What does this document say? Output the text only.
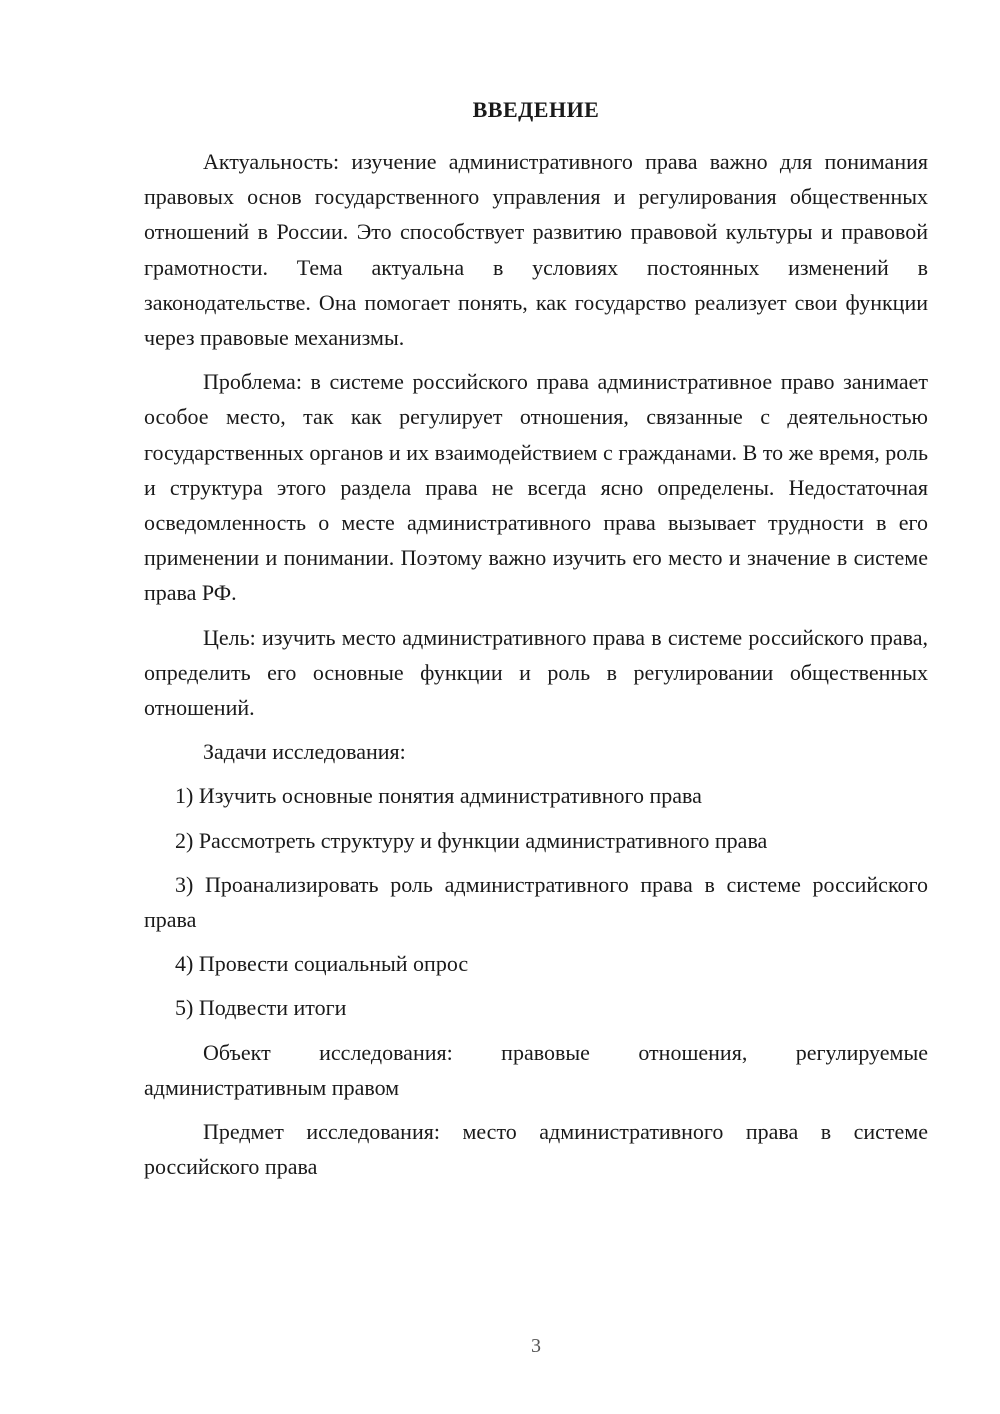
ВВЕДЕНИЕ

Актуальность: изучение административного права важно для понимания правовых основ государственного управления и регулирования общественных отношений в России. Это способствует развитию правовой культуры и правовой грамотности. Тема актуальна в условиях постоянных изменений в законодательстве. Она помогает понять, как государство реализует свои функции через правовые механизмы.

Проблема: в системе российского права административное право занимает особое место, так как регулирует отношения, связанные с деятельностью государственных органов и их взаимодействием с гражданами. В то же время, роль и структура этого раздела права не всегда ясно определены. Недостаточная осведомленность о месте административного права вызывает трудности в его применении и понимании. Поэтому важно изучить его место и значение в системе права РФ.

Цель: изучить место административного права в системе российского права, определить его основные функции и роль в регулировании общественных отношений.

Задачи исследования:

1) Изучить основные понятия административного права

2) Рассмотреть структуру и функции административного права

3) Проанализировать роль административного права в системе российского права

4) Провести социальный опрос

5) Подвести итоги

Объект исследования: правовые отношения, регулируемые административным правом

Предмет исследования: место административного права в системе российского права

3
